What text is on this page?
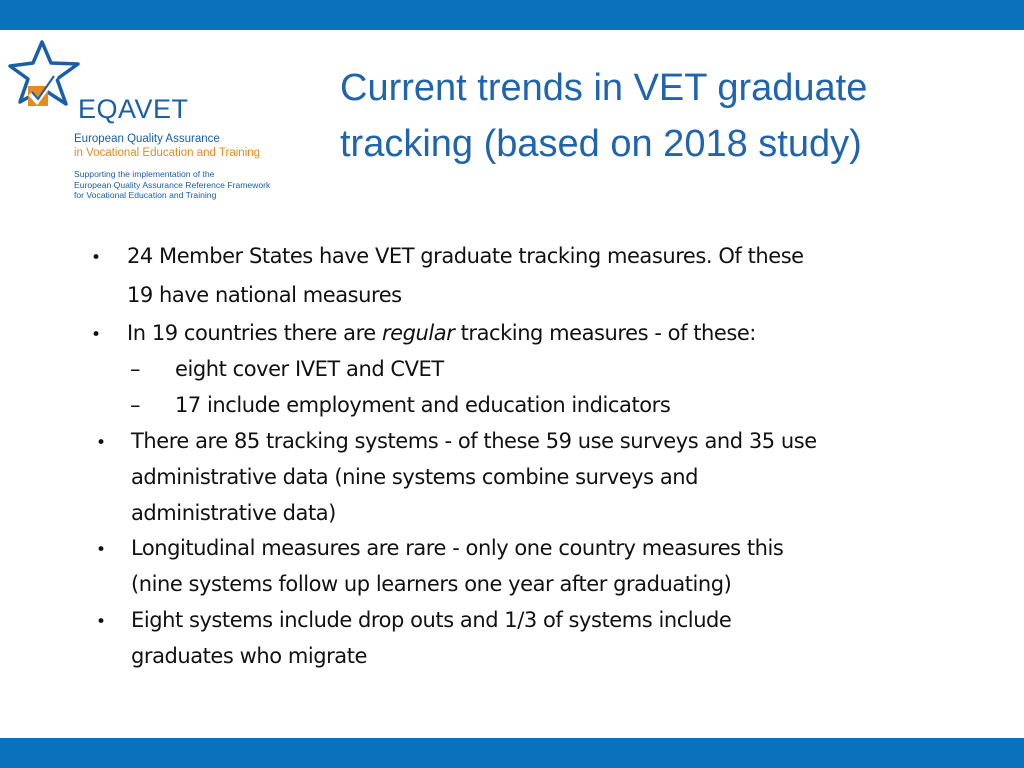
EQAVET
European Quality Assurance
in Vocational Education and Training
Supporting the implementation of the
European Quality Assurance Reference Framework
for Vocational Education and Training
Current trends in VET graduate
tracking (based on 2018 study)
• 24 Member States have VET graduate tracking measures. Of these
19 have national measures
• In 19 countries there are regular tracking measures - of these:
– eight cover IVET and CVET
– 17 include employment and education indicators
• There are 85 tracking systems - of these 59 use surveys and 35 use
administrative data (nine systems combine surveys and
administrative data)
• Longitudinal measures are rare - only one country measures this
(nine systems follow up learners one year after graduating)
• Eight systems include drop outs and 1/3 of systems include
graduates who migrate
